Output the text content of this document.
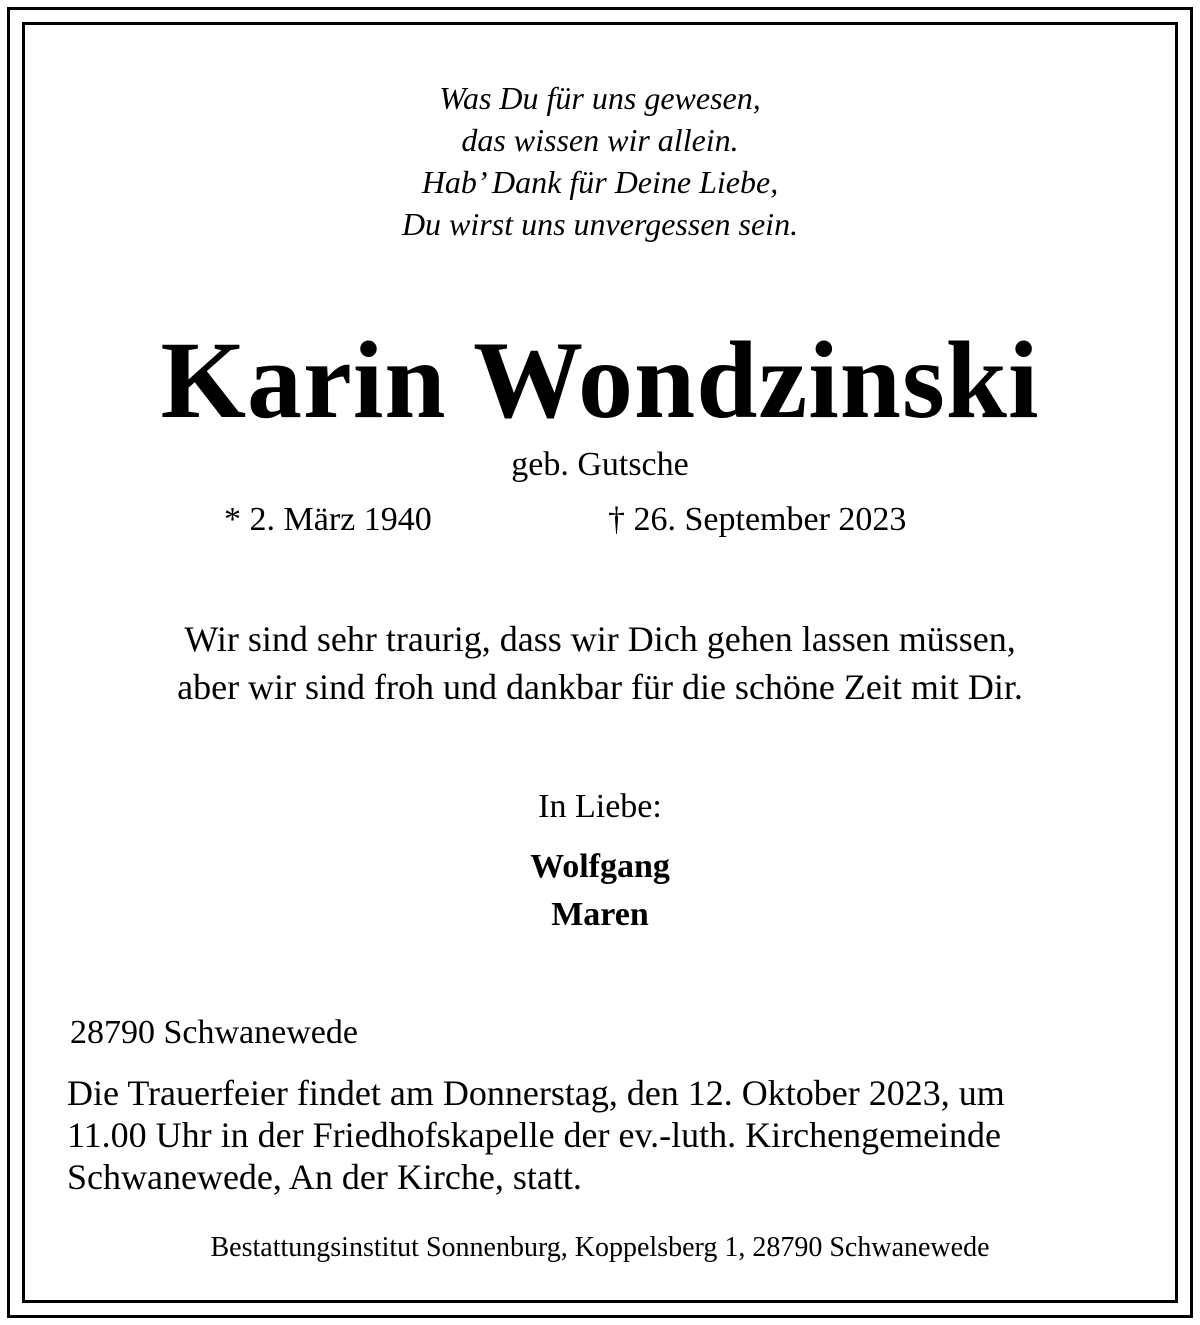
Was Du für uns gewesen,
das wissen wir allein.
Hab’ Dank für Deine Liebe,
Du wirst uns unvergessen sein.
Karin Wondzinski
geb. Gutsche
* 2. März 1940	† 26. September 2023
Wir sind sehr traurig, dass wir Dich gehen lassen müssen,
aber wir sind froh und dankbar für die schöne Zeit mit Dir.
In Liebe:
Wolfgang
Maren
28790 Schwanewede
Die Trauerfeier findet am Donnerstag, den 12. Oktober 2023, um
11.00 Uhr in der Friedhofskapelle der ev.-luth. Kirchengemeinde
Schwanewede, An der Kirche, statt.
Bestattungsinstitut Sonnenburg, Koppelsberg 1, 28790 Schwanewede
